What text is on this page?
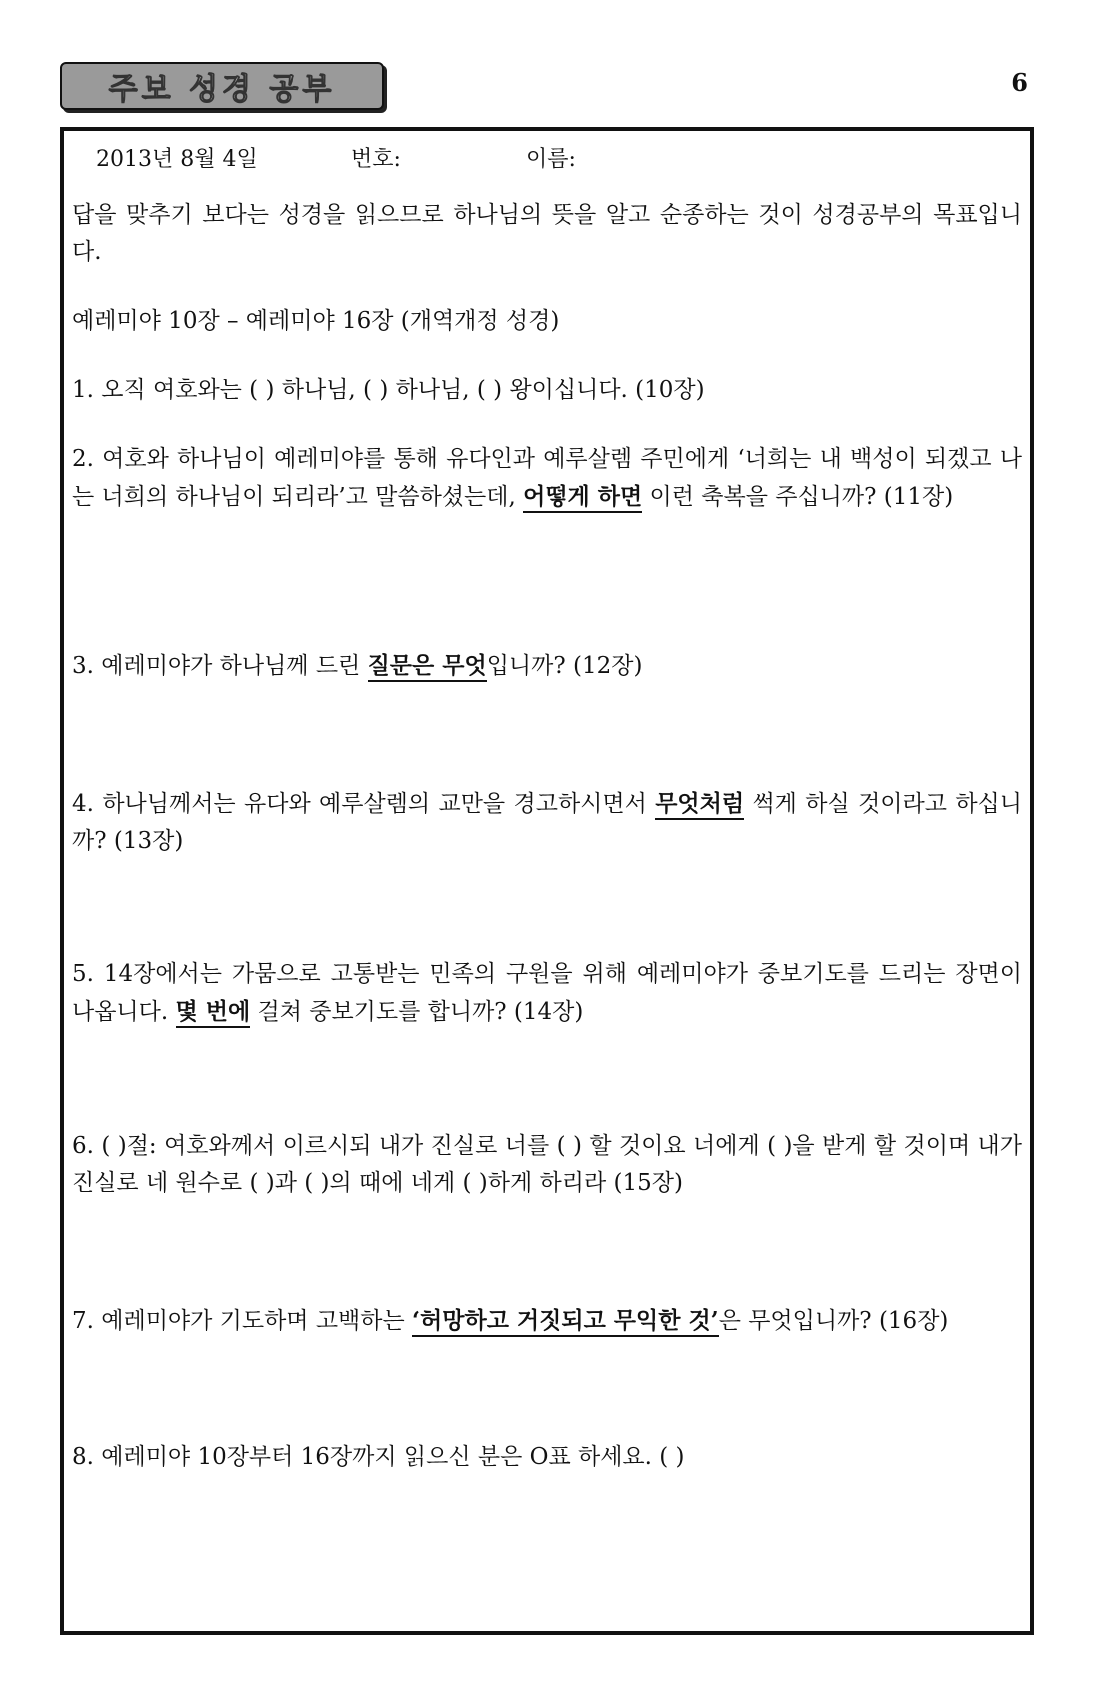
주보 성경 공부	6
2013년 8월 4일	번호:	이름:
답을 맞추기 보다는 성경을 읽으므로 하나님의 뜻을 알고 순종하는 것이 성경공부의 목표입니다.
예레미야 10장 – 예레미야 16장 (개역개정 성경)
1. 오직 여호와는 ( ) 하나님, ( ) 하나님, ( ) 왕이십니다. (10장)
2. 여호와 하나님이 예레미야를 통해 유다인과 예루살렘 주민에게 ‘너희는 내 백성이 되겠고 나는 너희의 하나님이 되리라’고 말씀하셨는데, 어떻게 하면 이런 축복을 주십니까? (11장)
3. 예레미야가 하나님께 드린 질문은 무엇입니까? (12장)
4. 하나님께서는 유다와 예루살렘의 교만을 경고하시면서 무엇처럼 썩게 하실 것이라고 하십니까? (13장)
5. 14장에서는 가뭄으로 고통받는 민족의 구원을 위해 예레미야가 중보기도를 드리는 장면이 나옵니다. 몇 번에 걸쳐 중보기도를 합니까? (14장)
6. ( )절: 여호와께서 이르시되 내가 진실로 너를 ( ) 할 것이요 너에게 ( )을 받게 할 것이며 내가 진실로 네 원수로 ( )과 ( )의 때에 네게 ( )하게 하리라 (15장)
7. 예레미야가 기도하며 고백하는 ‘허망하고 거짓되고 무익한 것’은 무엇입니까? (16장)
8. 예레미야 10장부터 16장까지 읽으신 분은 O표 하세요. ( )
